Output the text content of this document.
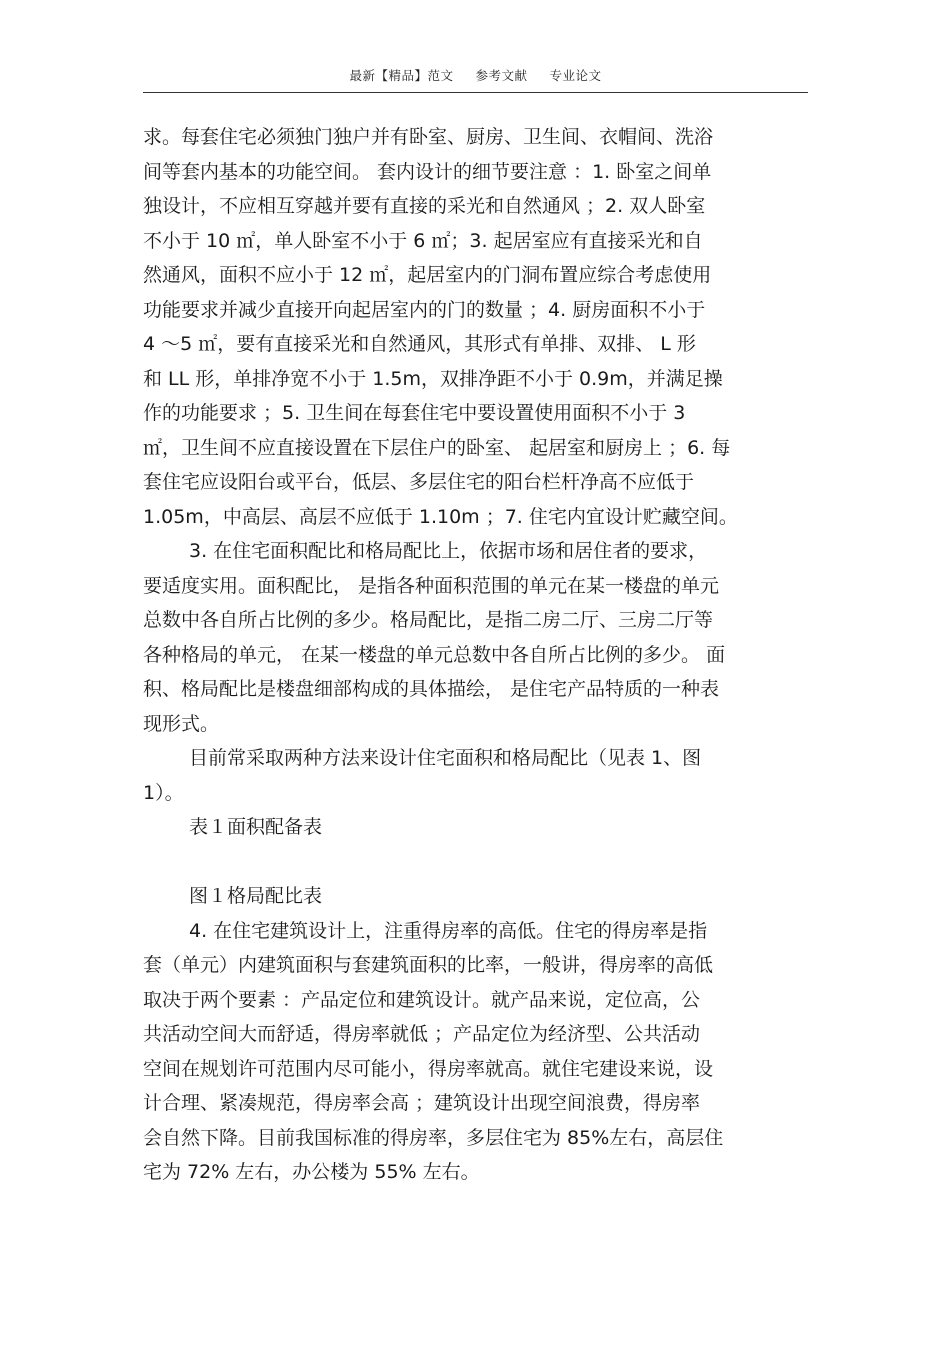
最新【精品】范文 参考文献 专业论文
求。每套住宅必须独门独户并有卧室、厨房、卫生间、衣帽间、洗浴
间等套内基本的功能空间。 套内设计的细节要注意 ：1. 卧室之间单
独设计，不应相互穿越并要有直接的采光和自然通风 ；2. 双人卧室
不小于 10 ㎡，单人卧室不小于 6 ㎡；3. 起居室应有直接采光和自
然通风，面积不应小于 12 ㎡，起居室内的门洞布置应综合考虑使用
功能要求并减少直接开向起居室内的门的数量 ；4. 厨房面积不小于
4 ～5 ㎡，要有直接采光和自然通风，其形式有单排、双排、 L 形
和 LL 形，单排净宽不小于 1.5m，双排净距不小于 0.9m，并满足操
作的功能要求 ；5. 卫生间在每套住宅中要设置使用面积不小于 3
㎡，卫生间不应直接设置在下层住户的卧室、 起居室和厨房上 ；6. 每
套住宅应设阳台或平台，低层、多层住宅的阳台栏杆净高不应低于
1.05m，中高层、高层不应低于 1.10m ；7. 住宅内宜设计贮藏空间。
3. 在住宅面积配比和格局配比上，依据市场和居住者的要求，
要适度实用。面积配比， 是指各种面积范围的单元在某一楼盘的单元
总数中各自所占比例的多少。格局配比，是指二房二厅、三房二厅等
各种格局的单元， 在某一楼盘的单元总数中各自所占比例的多少。 面
积、格局配比是楼盘细部构成的具体描绘， 是住宅产品特质的一种表
现形式。
目前常采取两种方法来设计住宅面积和格局配比（见表 1、图
1）。
表１面积配备表
图１格局配比表
4. 在住宅建筑设计上，注重得房率的高低。住宅的得房率是指
套（单元）内建筑面积与套建筑面积的比率，一般讲，得房率的高低
取决于两个要素 ：产品定位和建筑设计。就产品来说，定位高，公
共活动空间大而舒适，得房率就低 ；产品定位为经济型、公共活动
空间在规划许可范围内尽可能小，得房率就高。就住宅建设来说，设
计合理、紧凑规范，得房率会高 ；建筑设计出现空间浪费，得房率
会自然下降。目前我国标准的得房率，多层住宅为 85%左右，高层住
宅为 72% 左右，办公楼为 55% 左右。
